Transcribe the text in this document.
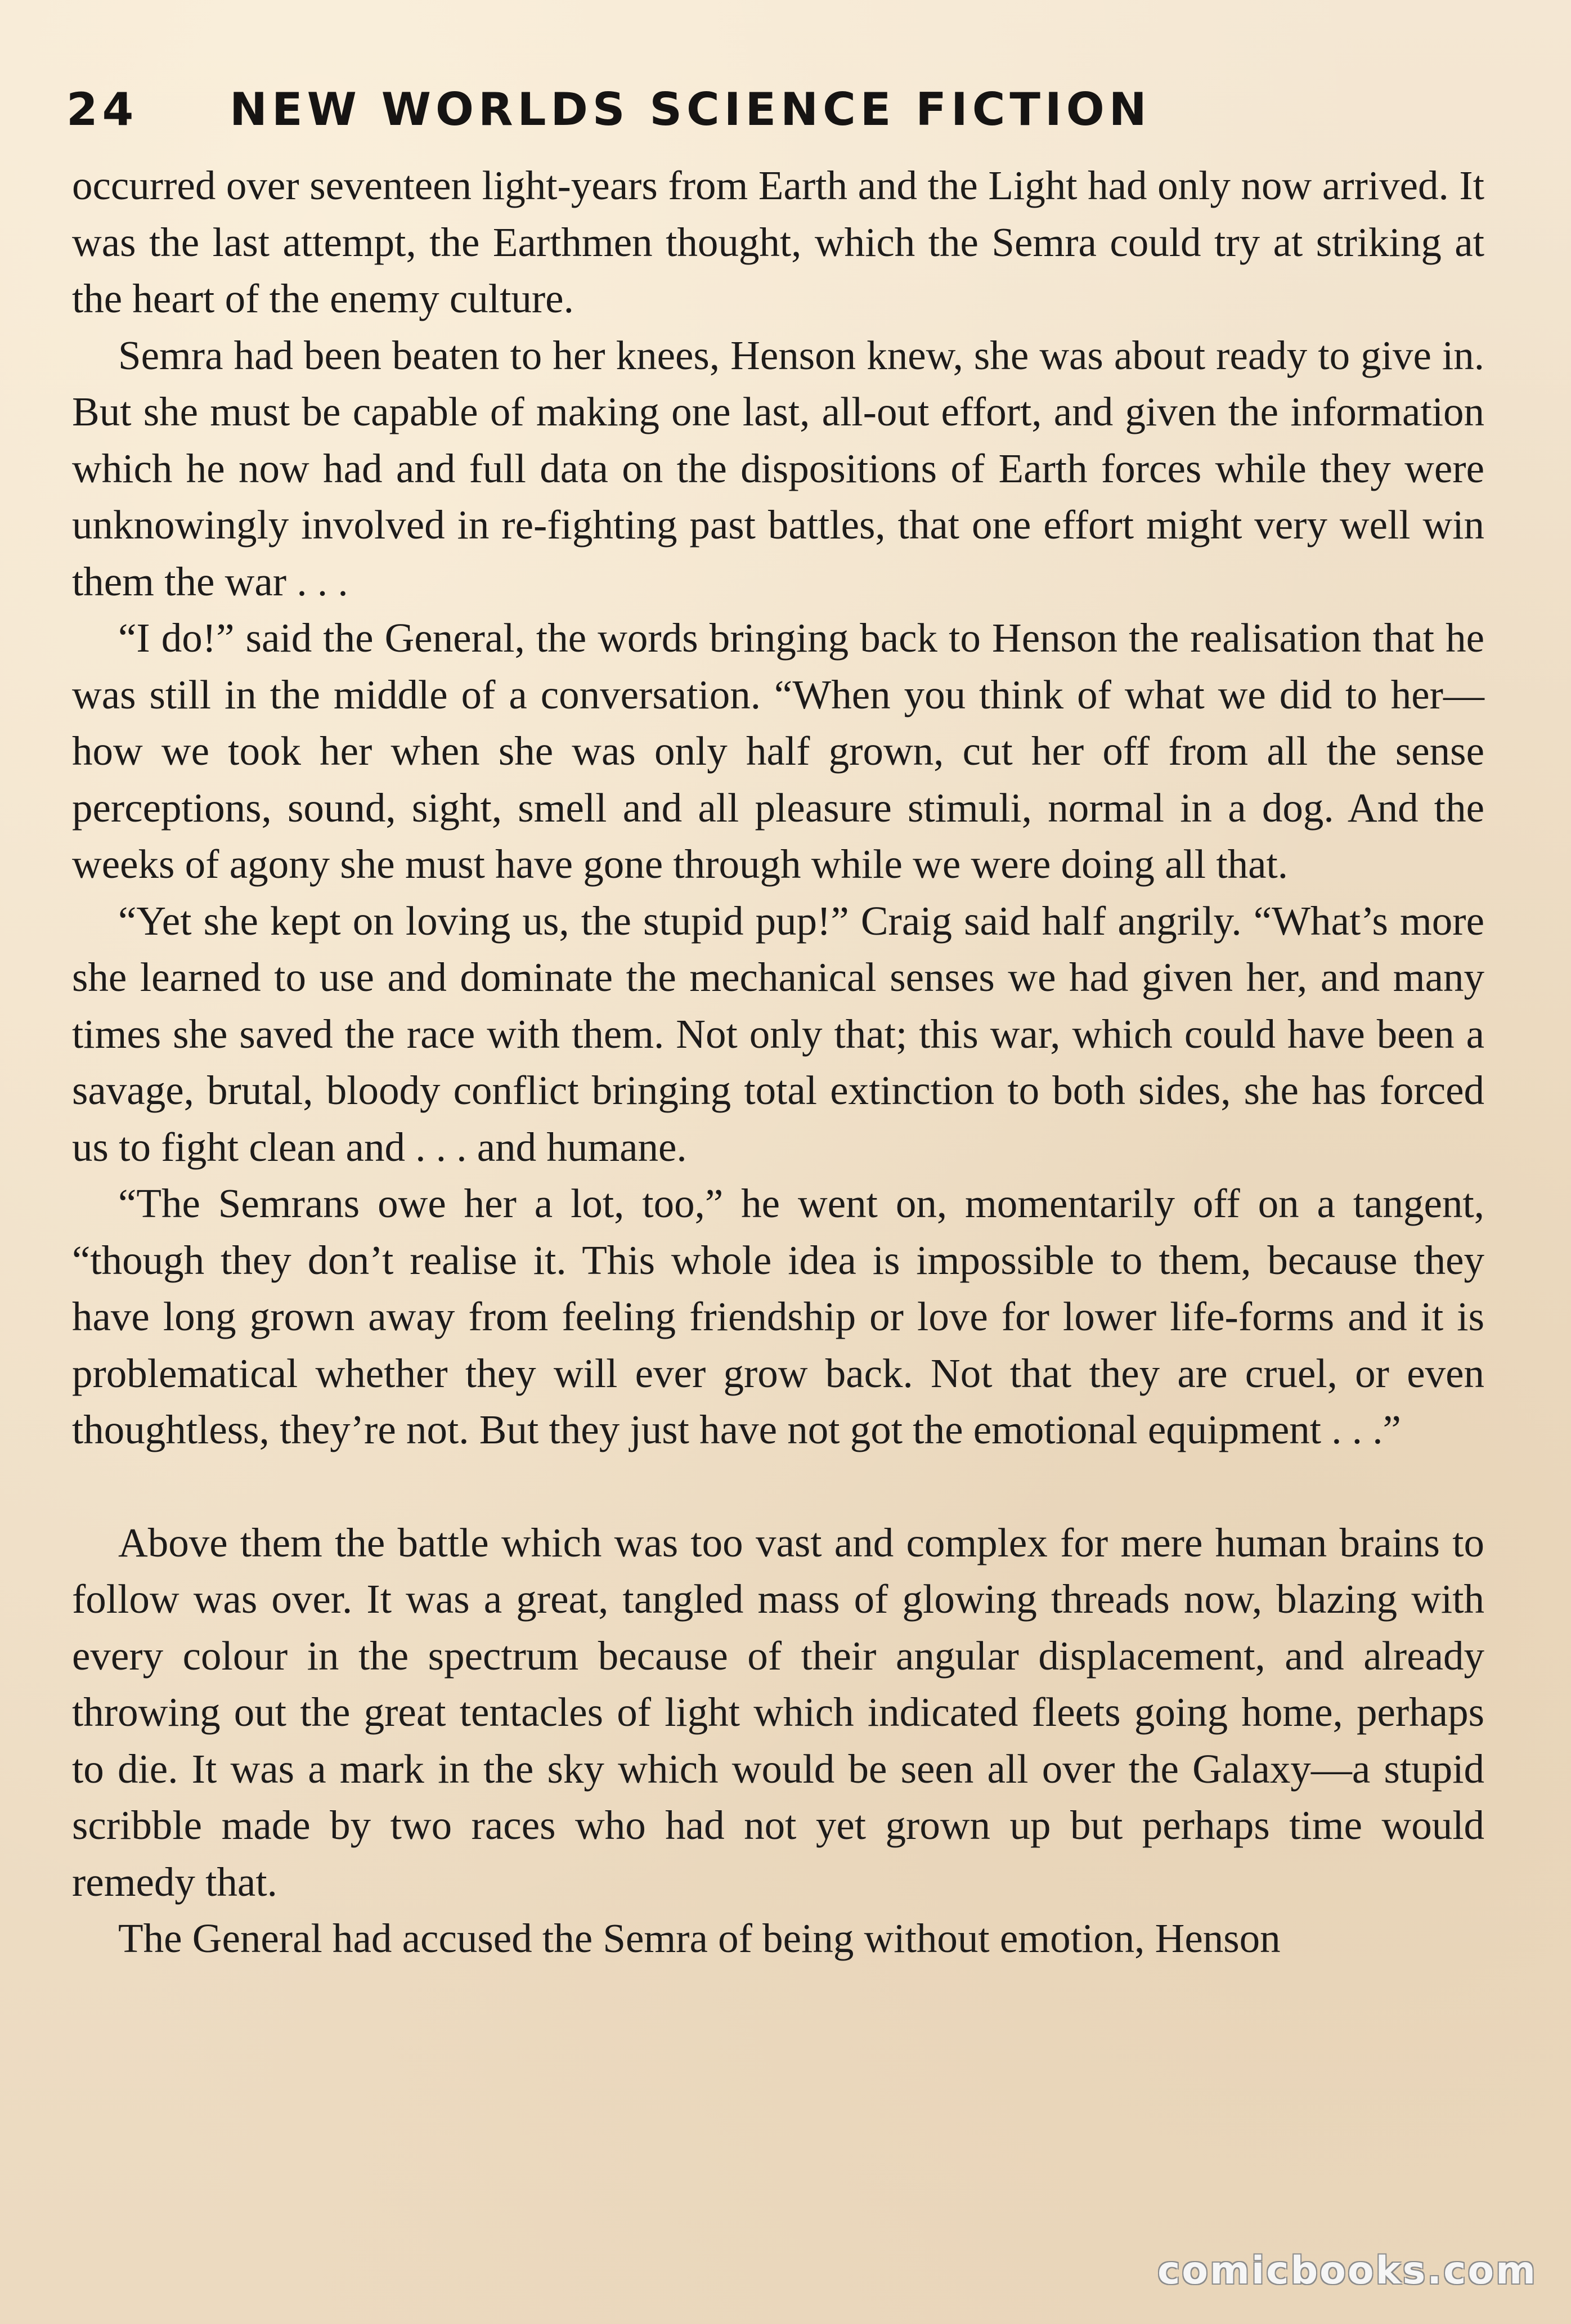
24 NEW WORLDS SCIENCE FICTION

occurred over seventeen light-years from Earth and the Light had only now arrived. It was the last attempt, the Earthmen thought, which the Semra could try at striking at the heart of the enemy culture.

Semra had been beaten to her knees, Henson knew, she was about ready to give in. But she must be capable of making one last, all-out effort, and given the information which he now had and full data on the dispositions of Earth forces while they were unknowingly involved in re-fighting past battles, that one effort might very well win them the war . . .

“I do!” said the General, the words bringing back to Henson the realisation that he was still in the middle of a conversation. “When you think of what we did to her—how we took her when she was only half grown, cut her off from all the sense perceptions, sound, sight, smell and all pleasure stimuli, normal in a dog. And the weeks of agony she must have gone through while we were doing all that.

“Yet she kept on loving us, the stupid pup!” Craig said half angrily. “What’s more she learned to use and dominate the mechanical senses we had given her, and many times she saved the race with them. Not only that; this war, which could have been a savage, brutal, bloody conflict bringing total extinction to both sides, she has forced us to fight clean and . . . and humane.

“The Semrans owe her a lot, too,” he went on, momentarily off on a tangent, “though they don’t realise it. This whole idea is impossible to them, because they have long grown away from feeling friendship or love for lower life-forms and it is problematical whether they will ever grow back. Not that they are cruel, or even thoughtless, they’re not. But they just have not got the emotional equipment . . .”

Above them the battle which was too vast and complex for mere human brains to follow was over. It was a great, tangled mass of glowing threads now, blazing with every colour in the spectrum because of their angular displacement, and already throwing out the great tentacles of light which indicated fleets going home, perhaps to die. It was a mark in the sky which would be seen all over the Galaxy—a stupid scribble made by two races who had not yet grown up but perhaps time would remedy that.

The General had accused the Semra of being without emotion, Henson

comicbooks.com
